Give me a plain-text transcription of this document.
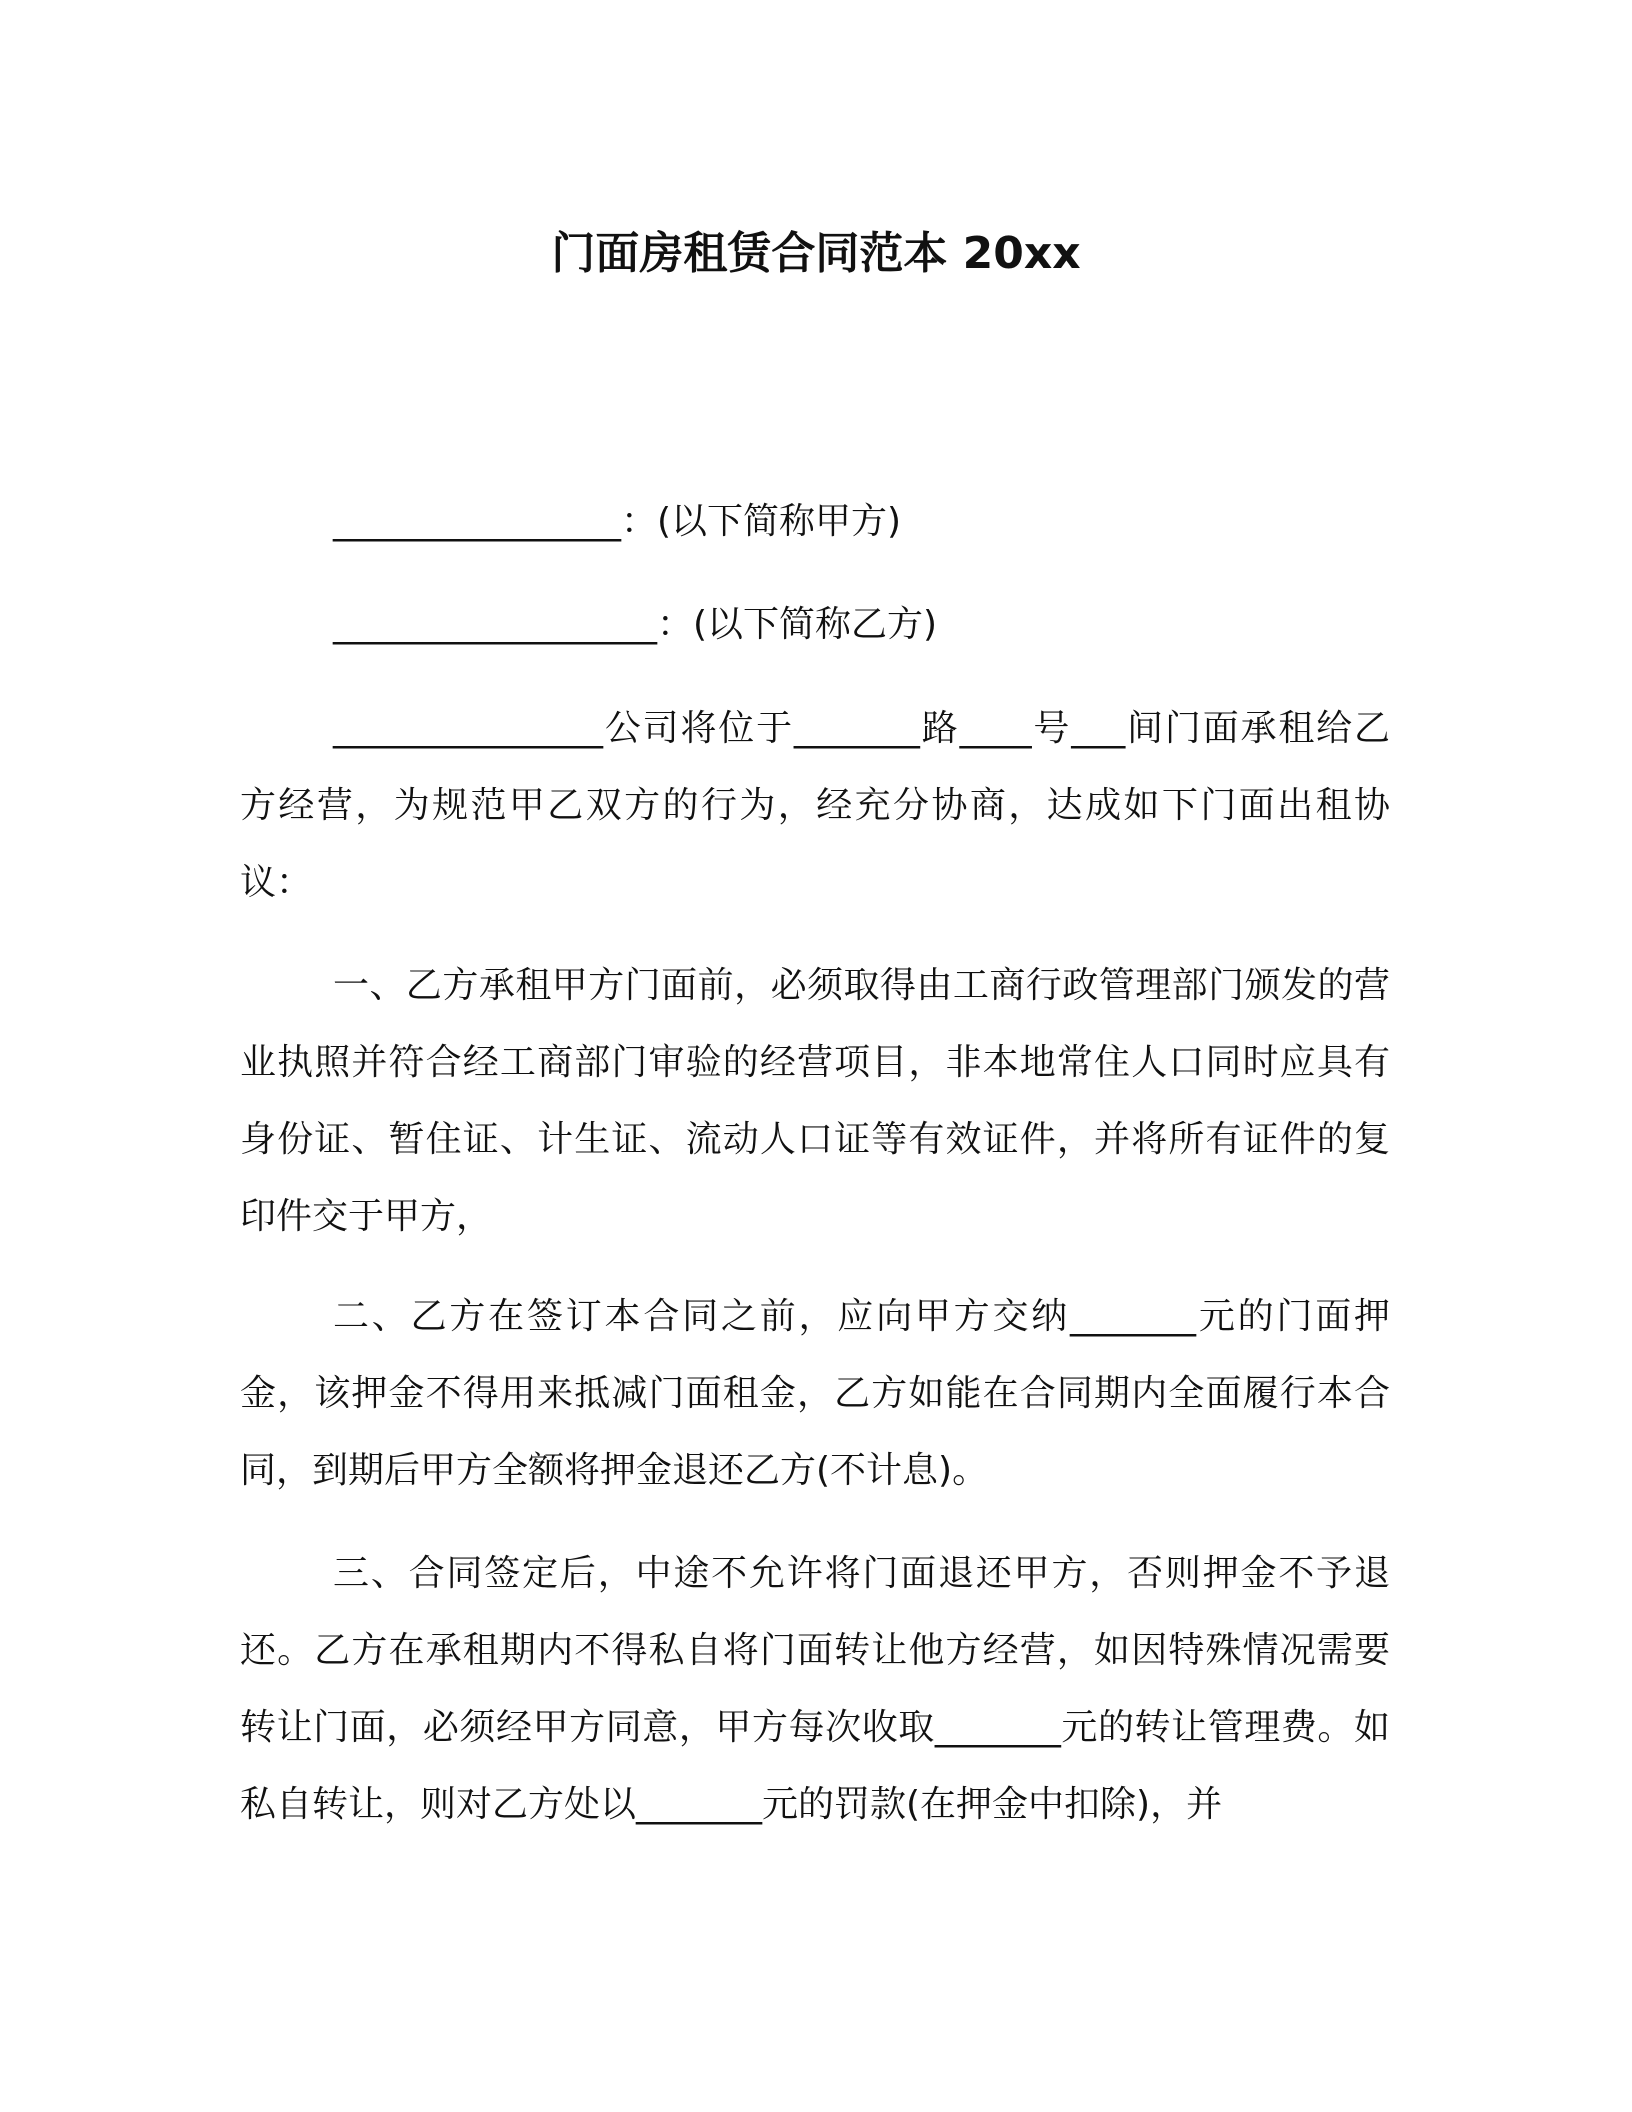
门面房租赁合同范本 20xx
________________：(以下简称甲方)
__________________：(以下简称乙方)
_______________公司将位于_______路____号___间门面承租给乙方经营，为规范甲乙双方的行为，经充分协商，达成如下门面出租协议：
一、乙方承租甲方门面前，必须取得由工商行政管理部门颁发的营业执照并符合经工商部门审验的经营项目，非本地常住人口同时应具有身份证、暂住证、计生证、流动人口证等有效证件，并将所有证件的复印件交于甲方，
二、乙方在签订本合同之前，应向甲方交纳_______元的门面押金，该押金不得用来抵减门面租金，乙方如能在合同期内全面履行本合同，到期后甲方全额将押金退还乙方(不计息)。
三、合同签定后，中途不允许将门面退还甲方，否则押金不予退还。乙方在承租期内不得私自将门面转让他方经营，如因特殊情况需要转让门面，必须经甲方同意，甲方每次收取_______元的转让管理费。如私自转让，则对乙方处以_______元的罚款(在押金中扣除)，并
